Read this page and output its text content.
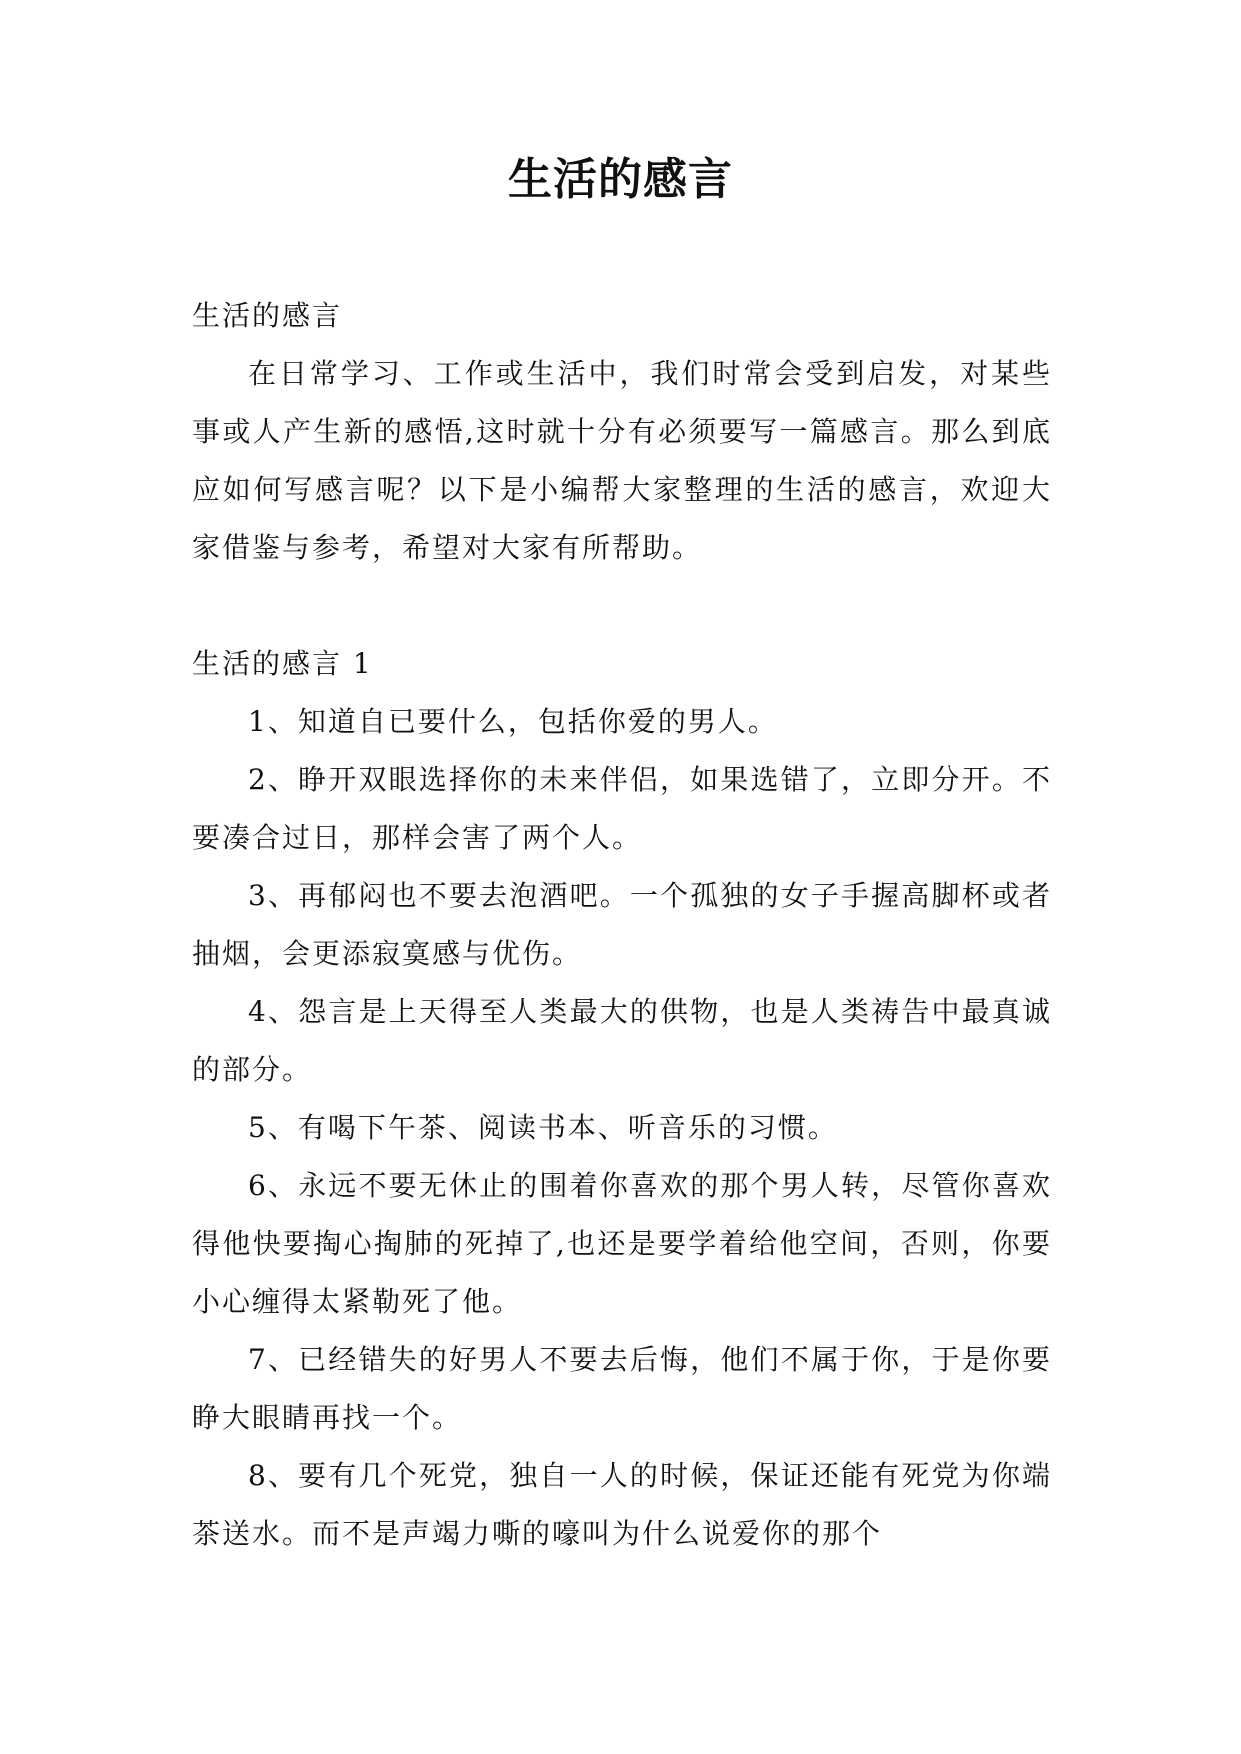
生活的感言

生活的感言

在日常学习、工作或生活中，我们时常会受到启发，对某些事或人产生新的感悟,这时就十分有必须要写一篇感言。那么到底应如何写感言呢？以下是小编帮大家整理的生活的感言，欢迎大家借鉴与参考，希望对大家有所帮助。

生活的感言 1

1、知道自已要什么，包括你爱的男人。

2、睁开双眼选择你的未来伴侣，如果选错了，立即分开。不要凑合过日，那样会害了两个人。

3、再郁闷也不要去泡酒吧。一个孤独的女子手握高脚杯或者抽烟，会更添寂寞感与优伤。

4、怨言是上天得至人类最大的供物，也是人类祷告中最真诚的部分。

5、有喝下午茶、阅读书本、听音乐的习惯。

6、永远不要无休止的围着你喜欢的那个男人转，尽管你喜欢得他快要掏心掏肺的死掉了,也还是要学着给他空间，否则，你要小心缠得太紧勒死了他。

7、已经错失的好男人不要去后悔，他们不属于你，于是你要睁大眼睛再找一个。

8、要有几个死党，独自一人的时候，保证还能有死党为你端茶送水。而不是声竭力嘶的嚎叫为什么说爱你的那个
